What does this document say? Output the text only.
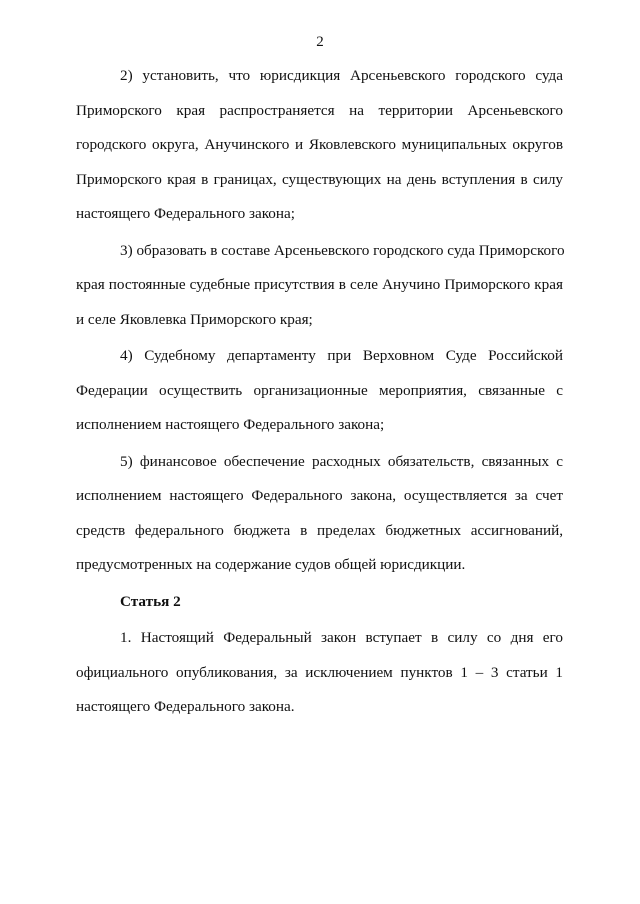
2
2) установить, что юрисдикция Арсеньевского городского суда
Приморского края распространяется на территории Арсеньевского
городского округа, Анучинского и Яковлевского муниципальных округов
Приморского края в границах, существующих на день вступления в силу
настоящего Федерального закона;
3) образовать в составе Арсеньевского городского суда Приморского
края постоянные судебные присутствия в селе Анучино Приморского края
и селе Яковлевка Приморского края;
4) Судебному департаменту при Верховном Суде Российской
Федерации осуществить организационные мероприятия, связанные с
исполнением настоящего Федерального закона;
5) финансовое обеспечение расходных обязательств, связанных с
исполнением настоящего Федерального закона, осуществляется за счет
средств федерального бюджета в пределах бюджетных ассигнований,
предусмотренных на содержание судов общей юрисдикции.
Статья 2
1. Настоящий Федеральный закон вступает в силу со дня его
официального опубликования, за исключением пунктов 1 – 3 статьи 1
настоящего Федерального закона.
